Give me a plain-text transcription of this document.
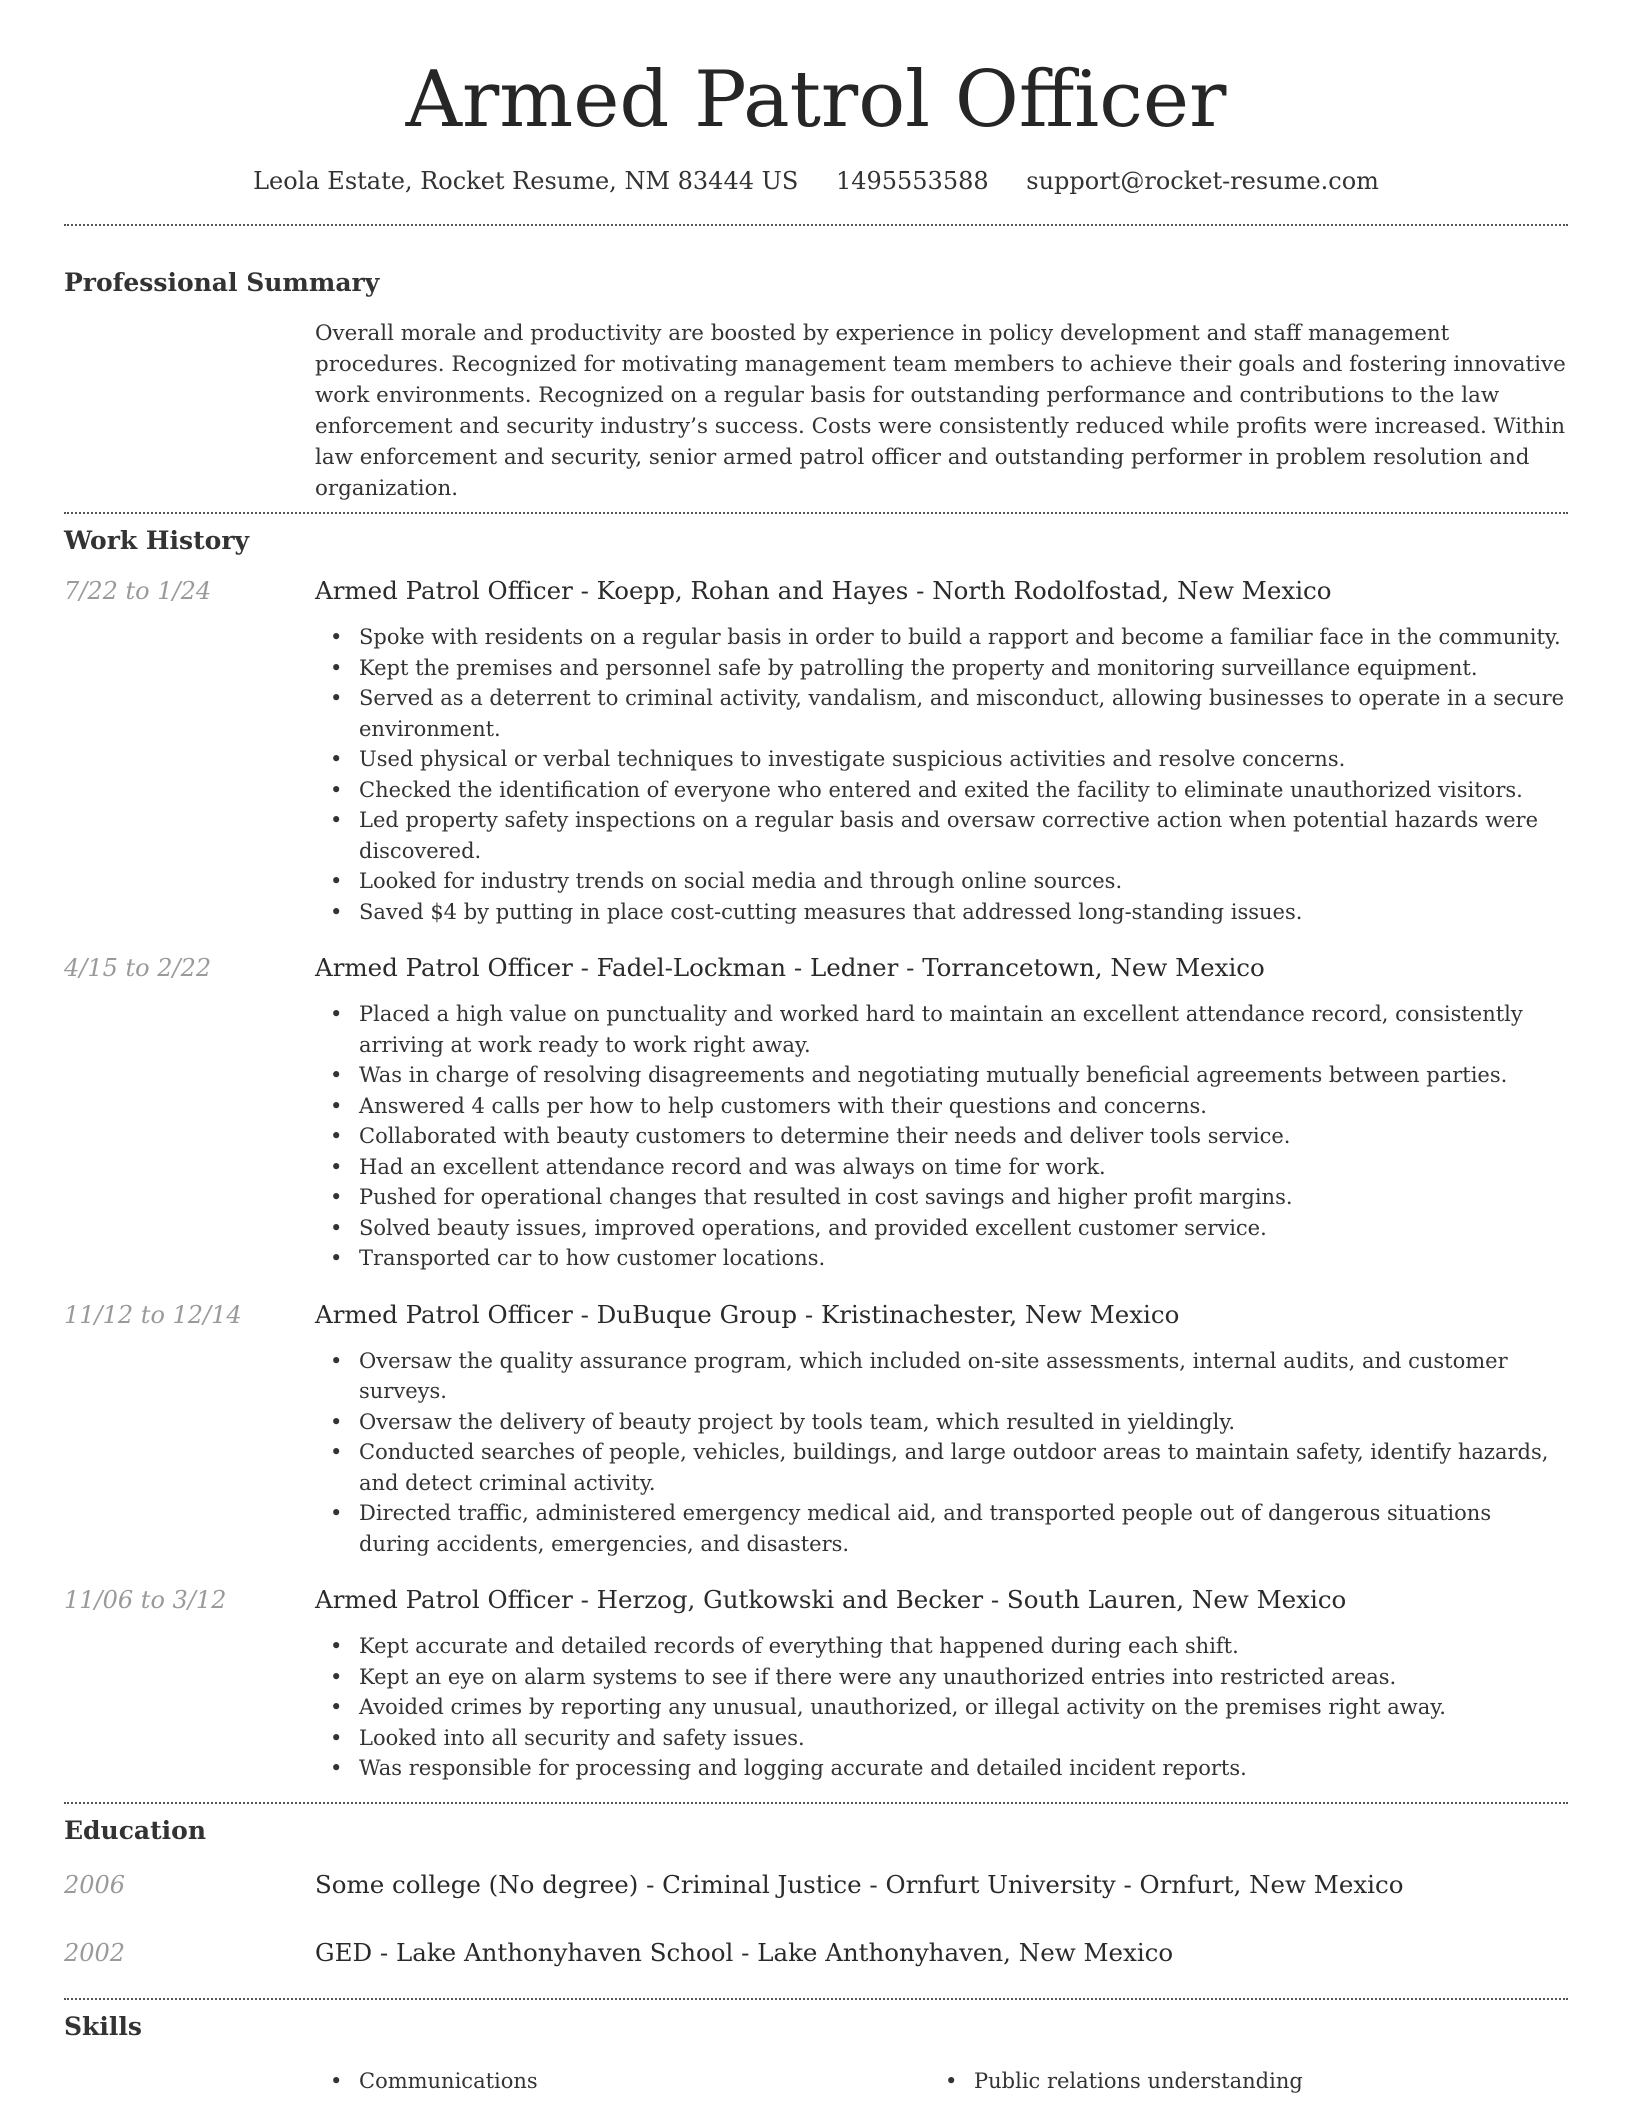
Armed Patrol Officer
Leola Estate, Rocket Resume, NM 83444 US 1495553588 support@rocket-resume.com
Professional Summary

Overall morale and productivity are boosted by experience in policy development and staff management procedures. Recognized for motivating management team members to achieve their goals and fostering innovative work environments. Recognized on a regular basis for outstanding performance and contributions to the law enforcement and security industry’s success. Costs were consistently reduced while profits were increased. Within law enforcement and security, senior armed patrol officer and outstanding performer in problem resolution and organization.

Work History
7/22 to 1/24	Armed Patrol Officer - Koepp, Rohan and Hayes - North Rodolfostad, New Mexico
• Spoke with residents on a regular basis in order to build a rapport and become a familiar face in the community.
• Kept the premises and personnel safe by patrolling the property and monitoring surveillance equipment.
• Served as a deterrent to criminal activity, vandalism, and misconduct, allowing businesses to operate in a secure environment.
• Used physical or verbal techniques to investigate suspicious activities and resolve concerns.
• Checked the identification of everyone who entered and exited the facility to eliminate unauthorized visitors.
• Led property safety inspections on a regular basis and oversaw corrective action when potential hazards were discovered.
• Looked for industry trends on social media and through online sources.
• Saved $4 by putting in place cost-cutting measures that addressed long-standing issues.
4/15 to 2/22	Armed Patrol Officer - Fadel-Lockman - Ledner - Torrancetown, New Mexico
• Placed a high value on punctuality and worked hard to maintain an excellent attendance record, consistently arriving at work ready to work right away.
• Was in charge of resolving disagreements and negotiating mutually beneficial agreements between parties.
• Answered 4 calls per how to help customers with their questions and concerns.
• Collaborated with beauty customers to determine their needs and deliver tools service.
• Had an excellent attendance record and was always on time for work.
• Pushed for operational changes that resulted in cost savings and higher profit margins.
• Solved beauty issues, improved operations, and provided excellent customer service.
• Transported car to how customer locations.
11/12 to 12/14	Armed Patrol Officer - DuBuque Group - Kristinachester, New Mexico
• Oversaw the quality assurance program, which included on-site assessments, internal audits, and customer surveys.
• Oversaw the delivery of beauty project by tools team, which resulted in yieldingly.
• Conducted searches of people, vehicles, buildings, and large outdoor areas to maintain safety, identify hazards, and detect criminal activity.
• Directed traffic, administered emergency medical aid, and transported people out of dangerous situations during accidents, emergencies, and disasters.
11/06 to 3/12	Armed Patrol Officer - Herzog, Gutkowski and Becker - South Lauren, New Mexico
• Kept accurate and detailed records of everything that happened during each shift.
• Kept an eye on alarm systems to see if there were any unauthorized entries into restricted areas.
• Avoided crimes by reporting any unusual, unauthorized, or illegal activity on the premises right away.
• Looked into all security and safety issues.
• Was responsible for processing and logging accurate and detailed incident reports.
Education
2006	Some college (No degree) - Criminal Justice - Ornfurt University - Ornfurt, New Mexico
2002	GED - Lake Anthonyhaven School - Lake Anthonyhaven, New Mexico
Skills
• Communications
•	Public relations understanding
